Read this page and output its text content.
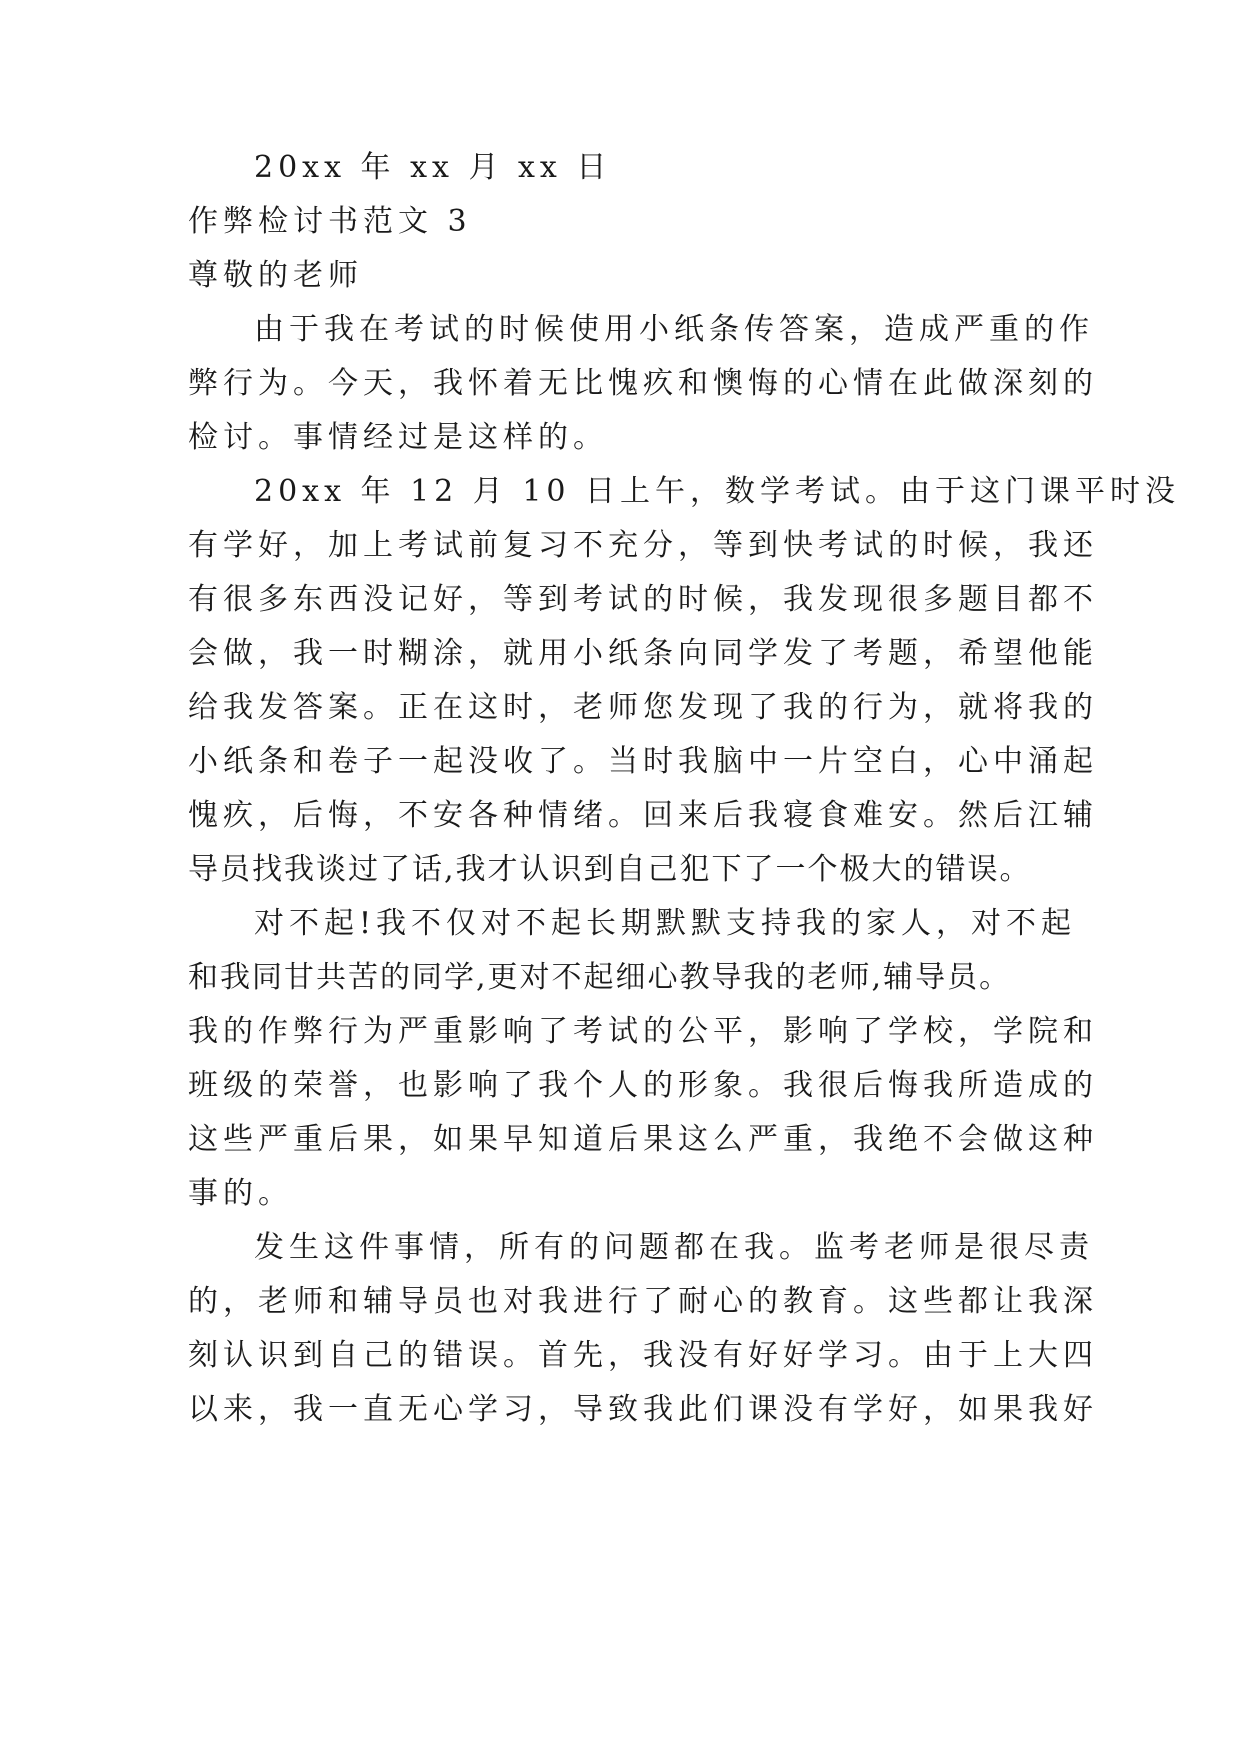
20xx 年 xx 月 xx 日
作弊检讨书范文 3
尊敬的老师
由于我在考试的时候使用小纸条传答案，造成严重的作
弊行为。今天，我怀着无比愧疚和懊悔的心情在此做深刻的
检讨。事情经过是这样的。
20xx 年 12 月 10 日上午，数学考试。由于这门课平时没
有学好，加上考试前复习不充分，等到快考试的时候，我还
有很多东西没记好，等到考试的时候，我发现很多题目都不
会做，我一时糊涂，就用小纸条向同学发了考题，希望他能
给我发答案。正在这时，老师您发现了我的行为，就将我的
小纸条和卷子一起没收了。当时我脑中一片空白，心中涌起
愧疚，后悔，不安各种情绪。回来后我寝食难安。然后江辅
导员找我谈过了话,我才认识到自己犯下了一个极大的错误。
对不起!我不仅对不起长期默默支持我的家人，对不起
和我同甘共苦的同学,更对不起细心教导我的老师,辅导员。
我的作弊行为严重影响了考试的公平，影响了学校，学院和
班级的荣誉，也影响了我个人的形象。我很后悔我所造成的
这些严重后果，如果早知道后果这么严重，我绝不会做这种
事的。
发生这件事情，所有的问题都在我。监考老师是很尽责
的，老师和辅导员也对我进行了耐心的教育。这些都让我深
刻认识到自己的错误。首先，我没有好好学习。由于上大四
以来，我一直无心学习，导致我此们课没有学好，如果我好
